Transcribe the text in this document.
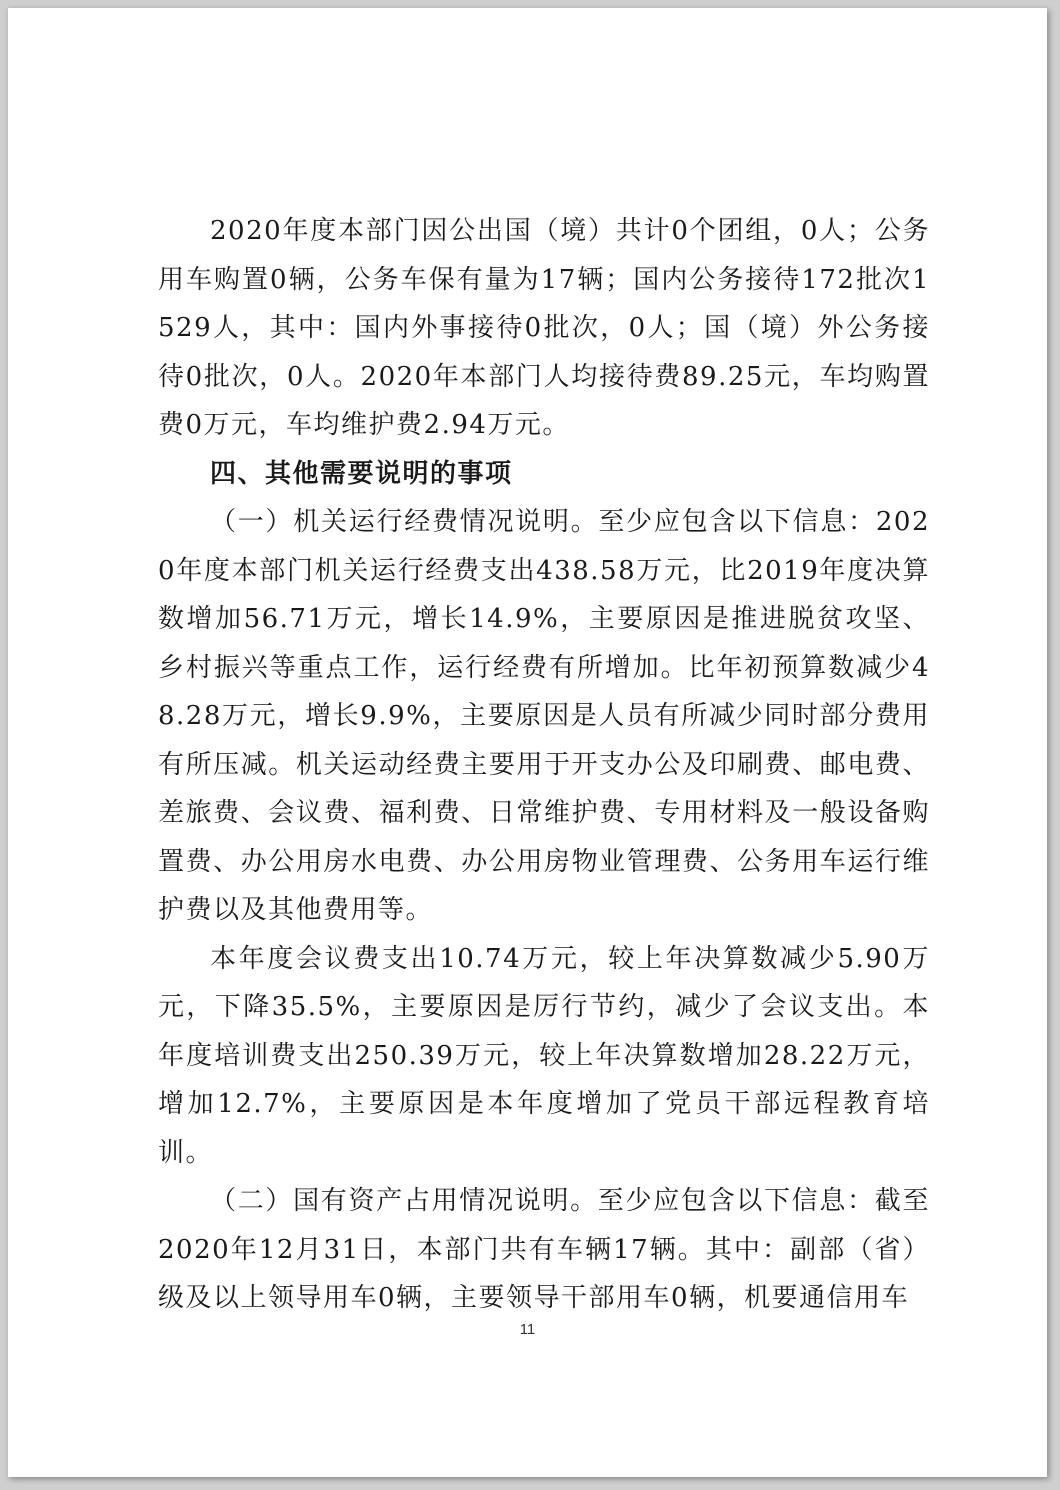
2020年度本部门因公出国（境）共计0个团组，0人；公务用车购置0辆，公务车保有量为17辆；国内公务接待172批次1529人，其中：国内外事接待0批次，0人；国（境）外公务接待0批次，0人。2020年本部门人均接待费89.25元，车均购置费0万元，车均维护费2.94万元。

四、其他需要说明的事项

（一）机关运行经费情况说明。至少应包含以下信息：2020年度本部门机关运行经费支出438.58万元，比2019年度决算数增加56.71万元，增长14.9%，主要原因是推进脱贫攻坚、乡村振兴等重点工作，运行经费有所增加。比年初预算数减少48.28万元，增长9.9%，主要原因是人员有所减少同时部分费用有所压减。机关运动经费主要用于开支办公及印刷费、邮电费、差旅费、会议费、福利费、日常维护费、专用材料及一般设备购置费、办公用房水电费、办公用房物业管理费、公务用车运行维护费以及其他费用等。

本年度会议费支出10.74万元，较上年决算数减少5.90万元，下降35.5%，主要原因是厉行节约，减少了会议支出。本年度培训费支出250.39万元，较上年决算数增加28.22万元，增加12.7%，主要原因是本年度增加了党员干部远程教育培训。

（二）国有资产占用情况说明。至少应包含以下信息：截至2020年12月31日，本部门共有车辆17辆。其中：副部（省）级及以上领导用车0辆，主要领导干部用车0辆，机要通信用车

11
